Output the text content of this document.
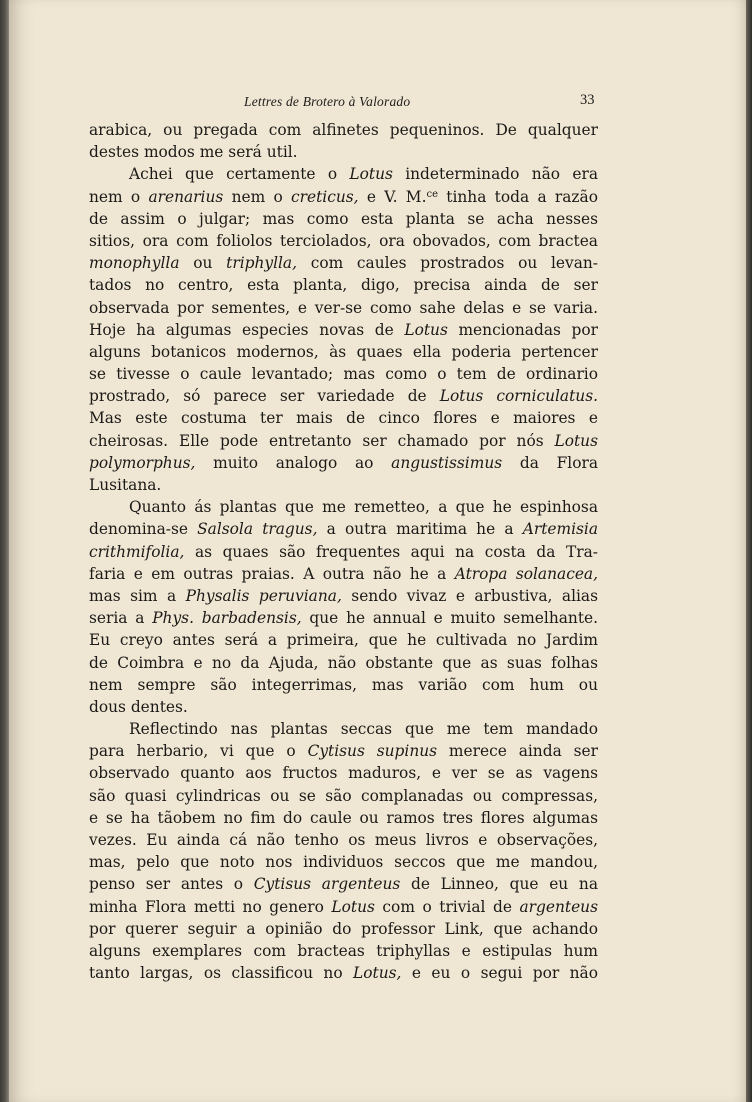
Lettres de Brotero à Valorado	33
arabica, ou pregada com alfinetes pequeninos. De qualquer
destes modos me será util.
Achei que certamente o Lotus indeterminado não era
nem o arenarius nem o creticus, e V. M.$^{ce}$ tinha toda a razão
de assim o julgar; mas como esta planta se acha nesses
sitios, ora com foliolos terciolados, ora obovados, com bractea
monophylla ou triphylla, com caules prostrados ou levan-
tados no centro, esta planta, digo, precisa ainda de ser
observada por sementes, e ver-se como sahe delas e se varia.
Hoje ha algumas especies novas de Lotus mencionadas por
alguns botanicos modernos, às quaes ella poderia pertencer
se tivesse o caule levantado; mas como o tem de ordinario
prostrado, só parece ser variedade de Lotus corniculatus.
Mas este costuma ter mais de cinco flores e maiores e
cheirosas. Elle pode entretanto ser chamado por nós Lotus
polymorphus, muito analogo ao angustissimus da Flora
Lusitana.
Quanto ás plantas que me remetteo, a que he espinhosa
denomina-se Salsola tragus, a outra maritima he a Artemisia
crithmifolia, as quaes são frequentes aqui na costa da Tra-
faria e em outras praias. A outra não he a Atropa solanacea,
mas sim a Physalis peruviana, sendo vivaz e arbustiva, alias
seria a Phys. barbadensis, que he annual e muito semelhante.
Eu creyo antes será a primeira, que he cultivada no Jardim
de Coimbra e no da Ajuda, não obstante que as suas folhas
nem sempre são integerrimas, mas varião com hum ou
dous dentes.
Reflectindo nas plantas seccas que me tem mandado
para herbario, vi que o Cytisus supinus merece ainda ser
observado quanto aos fructos maduros, e ver se as vagens
são quasi cylindricas ou se são complanadas ou compressas,
e se ha tãobem no fim do caule ou ramos tres flores algumas
vezes. Eu ainda cá não tenho os meus livros e observações,
mas, pelo que noto nos individuos seccos que me mandou,
penso ser antes o Cytisus argenteus de Linneo, que eu na
minha Flora metti no genero Lotus com o trivial de argenteus
por querer seguir a opinião do professor Link, que achando
alguns exemplares com bracteas triphyllas e estipulas hum
tanto largas, os classificou no Lotus, e eu o segui por não
